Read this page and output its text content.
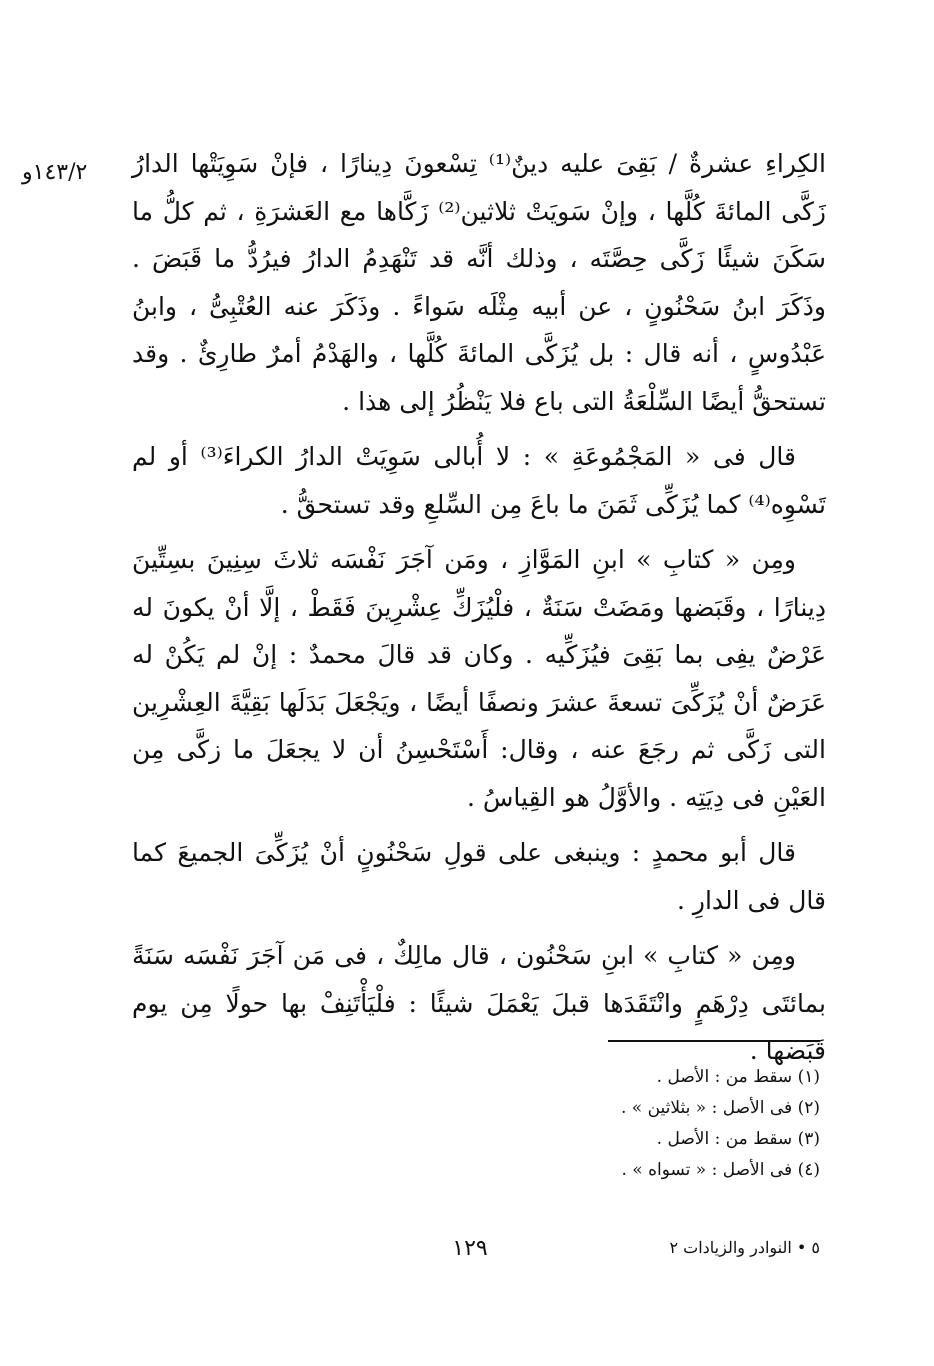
١٤٣/٢و	الكِراءِ عشرةٌ / بَقِىَ عليه دينٌ⁽¹⁾ تِسْعونَ دِينارًا ، فإنْ سَوِيَتْها الدارُ زَكَّى المائةَ كُلَّها ، وإنْ سَويَتْ ثلاثين⁽²⁾ زَكَّاها مع العَشرَةِ ، ثم كلُّ ما سَكَنَ شيئًا زَكَّى حِصَّتَه ، وذلك أنَّه قد تَنْهَدِمُ الدارُ فيرُدُّ ما قَبَضَ . وذَكَرَ ابنُ سَحْنُونٍ ، عن أبيه مِثْلَه سَواءً . وذَكَرَ عنه العُتْبِىُّ ، وابنُ عَبْدُوسٍ ، أنه قال : بل يُزَكَّى المائةَ كُلَّها ، والهَدْمُ أمرٌ طارِئٌ . وقد تستحقُّ أيضًا السِّلْعَةُ التى باع فلا يَنْظُرُ إلى هذا .

قال فى « المَجْمُوعَةِ » : لا أُبالى سَوِيَتْ الدارُ الكراءَ⁽³⁾ أو لم تَسْوِه⁽⁴⁾ كما يُزَكِّى ثَمَنَ ما باعَ مِن السِّلعِ وقد تستحقُّ .

ومِن « كتابِ » ابنِ المَوَّازِ ، ومَن آجَرَ نَفْسَه ثلاثَ سِنِينَ بسِتِّينَ دِينارًا ، وقَبَضها ومَضَتْ سَنَةٌ ، فلْيُزَكِّ عِشْرِينَ فَقَطْ ، إلَّا أنْ يكونَ له عَرْضٌ يفِى بما بَقِىَ فيُزَكِّيه . وكان قد قالَ محمدٌ : إنْ لم يَكُنْ له عَرَضٌ أنْ يُزَكِّىَ تسعةَ عشرَ ونصفًا أيضًا ، ويَجْعَلَ بَدَلَها بَقِيَّةَ العِشْرِين التى زَكَّى ثم رجَعَ عنه ، وقال: أَسْتَحْسِنُ أن لا يجعَلَ ما زكَّى مِن العَيْنِ فى دِيَتِه . والأوَّلُ هو القِياسُ .

قال أبو محمدٍ : وينبغى على قولِ سَحْنُونٍ أنْ يُزَكِّىَ الجميعَ كما قال فى الدارِ .

ومِن « كتابِ » ابنِ سَحْنُون ، قال مالِكٌ ، فى مَن آجَرَ نَفْسَه سَنَةً بمائتَى دِرْهَمٍ وانْتَقَدَها قبلَ يَعْمَلَ شيئًا : فلْيَأْتَنِفْ بها حولًا مِن يوم قَبَضها .

(١) سقط من : الأصل .
(٢) فى الأصل : « بثلاثين » .
(٣) سقط من : الأصل .
(٤) فى الأصل : « تسواه » .
١٢٩	٥ • النوادر والزيادات ٢
